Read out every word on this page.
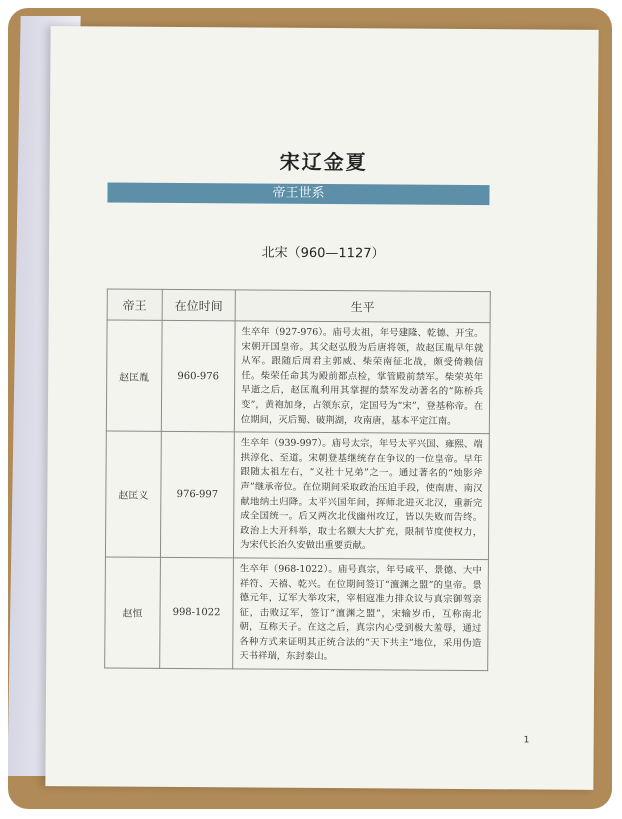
宋辽金夏
帝王世系
北宋（960—1127）
帝王	在位时间	生平
赵匡胤	960-976	生卒年（927-976）。庙号太祖，年号建隆、乾德、开宝。宋朝开国皇帝。其父赵弘殷为后唐将领，故赵匡胤早年就从军。跟随后周君主郭威、柴荣南征北战，颇受倚赖信任。柴荣任命其为殿前都点检，掌管殿前禁军。柴荣英年早逝之后，赵匡胤利用其掌握的禁军发动著名的“陈桥兵变”，黄袍加身，占领东京，定国号为“宋”，登基称帝。在位期间，灭后蜀、破荆湖，攻南唐，基本平定江南。
赵匡义	976-997	生卒年（939-997）。庙号太宗，年号太平兴国、雍熙、端拱淳化、至道。宋朝登基继统存在争议的一位皇帝。早年跟随太祖左右，“义社十兄弟”之一。通过著名的“烛影斧声”继承帝位。在位期间采取政治压迫手段，使南唐、南汉献地纳土归降。太平兴国年间，挥师北进灭北汉，重新完成全国统一。后又两次北伐幽州攻辽，皆以失败而告终。政治上大开科举，取士名额大大扩充，限制节度使权力，为宋代长治久安做出重要贡献。
赵恒	998-1022	生卒年（968-1022）。庙号真宗，年号咸平、景德、大中祥符、天禧、乾兴。在位期间签订“澶渊之盟”的皇帝。景德元年，辽军大举攻宋，宰相寇准力排众议与真宗御驾亲征，击败辽军，签订“澶渊之盟”，宋输岁币，互称南北朝，互称天子。在这之后，真宗内心受到极大羞辱，通过各种方式来证明其正统合法的“天下共主”地位，采用伪造天书祥瑞，东封泰山。
1
